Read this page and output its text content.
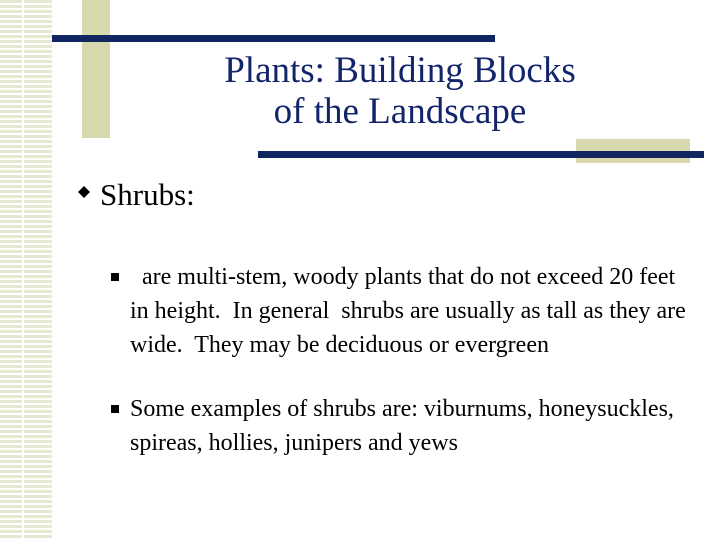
Plants: Building Blocks
of the Landscape
Shrubs:
are multi-stem, woody plants that do not exceed 20 feet in height.  In general  shrubs are usually as tall as they are wide.  They may be deciduous or evergreen
Some examples of shrubs are: viburnums, honeysuckles, spireas, hollies, junipers and yews
